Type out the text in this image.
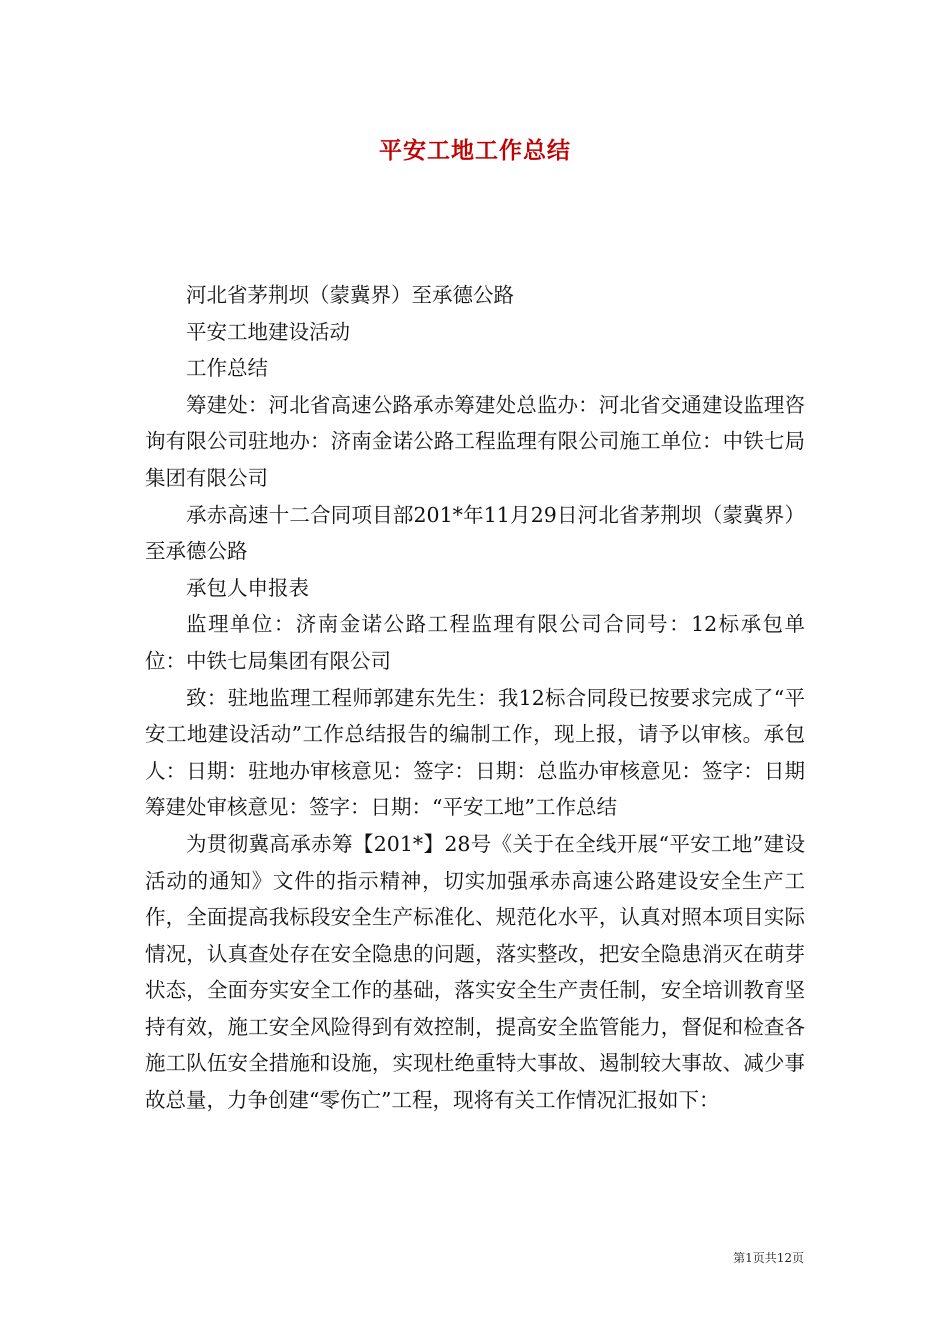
平安工地工作总结

河北省茅荆坝（蒙冀界）至承德公路

平安工地建设活动

工作总结

筹建处：河北省高速公路承赤筹建处总监办：河北省交通建设监理咨询有限公司驻地办：济南金诺公路工程监理有限公司施工单位：中铁七局集团有限公司

承赤高速十二合同项目部201*年11月29日河北省茅荆坝（蒙冀界）至承德公路

承包人申报表

监理单位：济南金诺公路工程监理有限公司合同号：12标承包单位：中铁七局集团有限公司

致：驻地监理工程师郭建东先生：我12标合同段已按要求完成了“平安工地建设活动”工作总结报告的编制工作，现上报，请予以审核。承包人：日期：驻地办审核意见：签字：日期：总监办审核意见：签字：日期筹建处审核意见：签字：日期：“平安工地”工作总结

为贯彻冀高承赤筹【201*】28号《关于在全线开展“平安工地”建设活动的通知》文件的指示精神，切实加强承赤高速公路建设安全生产工作，全面提高我标段安全生产标准化、规范化水平，认真对照本项目实际情况，认真查处存在安全隐患的问题，落实整改，把安全隐患消灭在萌芽状态，全面夯实安全工作的基础，落实安全生产责任制，安全培训教育坚持有效，施工安全风险得到有效控制，提高安全监管能力，督促和检查各施工队伍安全措施和设施，实现杜绝重特大事故、遏制较大事故、减少事故总量，力争创建“零伤亡”工程，现将有关工作情况汇报如下：

第1页共12页
